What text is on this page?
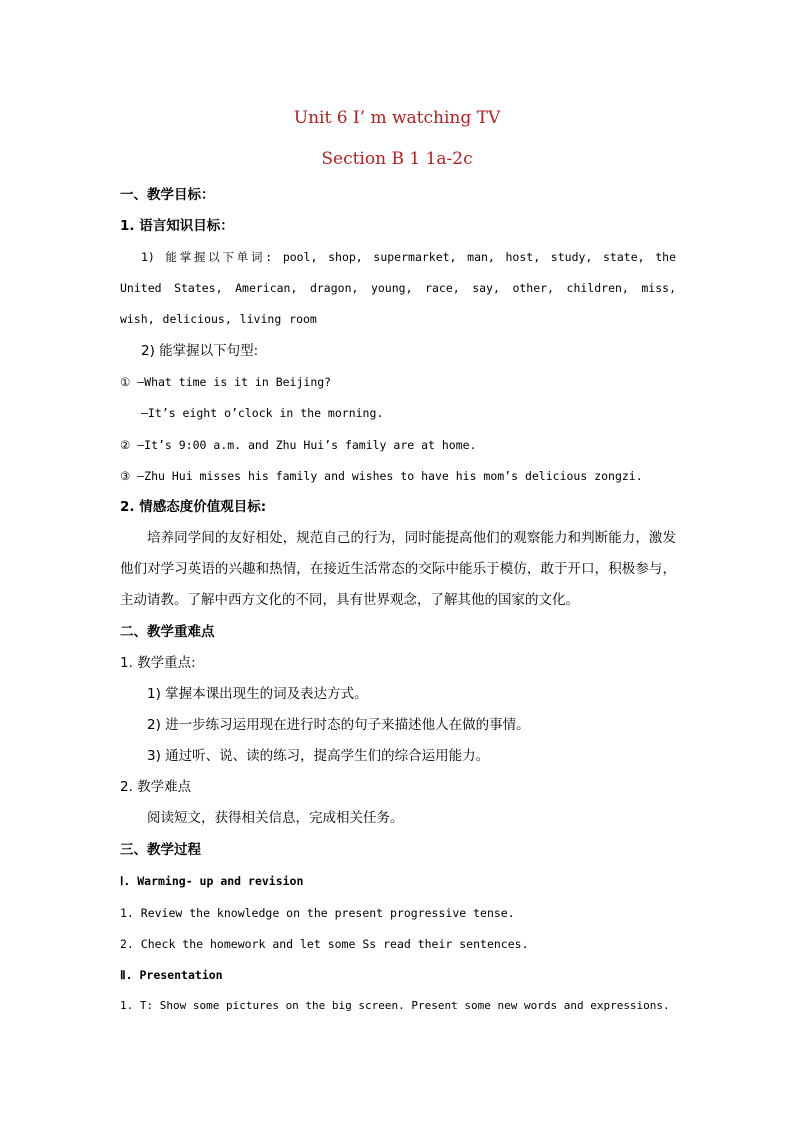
Unit 6 I’ m watching TV
Section B 1 1a-2c
一、教学目标：
1. 语言知识目标：

1) 能掌握以下单词: pool, shop, supermarket, man, host, study, state, the United States, American, dragon, young, race, say, other, children, miss, wish, delicious, living room

2) 能掌握以下句型:
① —What time is it in Beijing?
—It’s eight o’clock in the morning.
② —It’s 9:00 a.m. and Zhu Hui’s family are at home.
③ —Zhu Hui misses his family and wishes to have his mom’s delicious zongzi.
2. 情感态度价值观目标:

培养同学间的友好相处，规范自己的行为，同时能提高他们的观察能力和判断能力，激发他们对学习英语的兴趣和热情，在接近生活常态的交际中能乐于模仿，敢于开口，积极参与，主动请教。了解中西方文化的不同，具有世界观念，了解其他的国家的文化。

二、教学重难点
1. 教学重点:
1) 掌握本课出现生的词及表达方式。
2) 进一步练习运用现在进行时态的句子来描述他人在做的事情。
3) 通过听、说、读的练习，提高学生们的综合运用能力。
2. 教学难点
阅读短文，获得相关信息，完成相关任务。
三、教学过程
Ⅰ. Warming- up and revision
1. Review the knowledge on the present progressive tense.
2. Check the homework and let some Ss read their sentences.
Ⅱ. Presentation
1. T: Show some pictures on the big screen. Present some new words and expressions.
